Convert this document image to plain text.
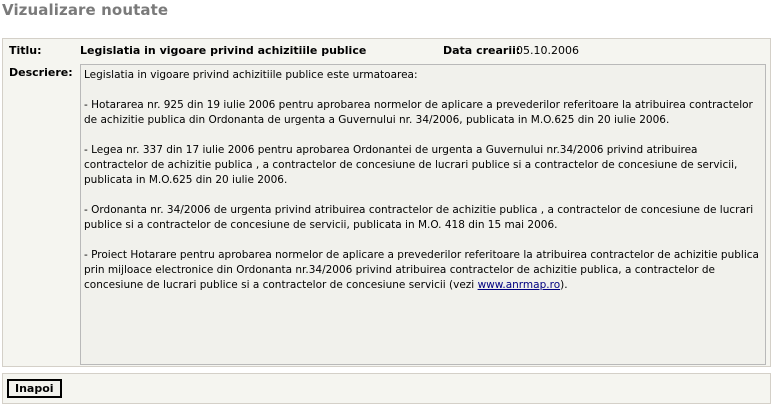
Vizualizare noutate
Titlu:	Legislatia in vigoare privind achizitiile publice	Data crearii:
05.10.2006
Descriere: Legislatia in vigoare privind achizitiile publice este urmatoarea:

- Hotararea nr. 925 din 19 iulie 2006 pentru aprobarea normelor de aplicare a prevederilor referitoare la atribuirea contractelor de achizitie publica din Ordonanta de urgenta a Guvernului nr. 34/2006, publicata in M.O.625 din 20 iulie 2006.

- Legea nr. 337 din 17 iulie 2006 pentru aprobarea Ordonantei de urgenta a Guvernului nr.34/2006 privind atribuirea contractelor de achizitie publica , a contractelor de concesiune de lucrari publice si a contractelor de concesiune de servicii, publicata in M.O.625 din 20 iulie 2006.

- Ordonanta nr. 34/2006 de urgenta privind atribuirea contractelor de achizitie publica , a contractelor de concesiune de lucrari publice si a contractelor de concesiune de servicii, publicata in M.O. 418 din 15 mai 2006.

- Proiect Hotarare pentru aprobarea normelor de aplicare a prevederilor referitoare la atribuirea contractelor de achizitie publica prin mijloace electronice din Ordonanta nr.34/2006 privind atribuirea contractelor de achizitie publica, a contractelor de concesiune de lucrari publice si a contractelor de concesiune servicii (vezi www.anrmap.ro).

Inapoi
